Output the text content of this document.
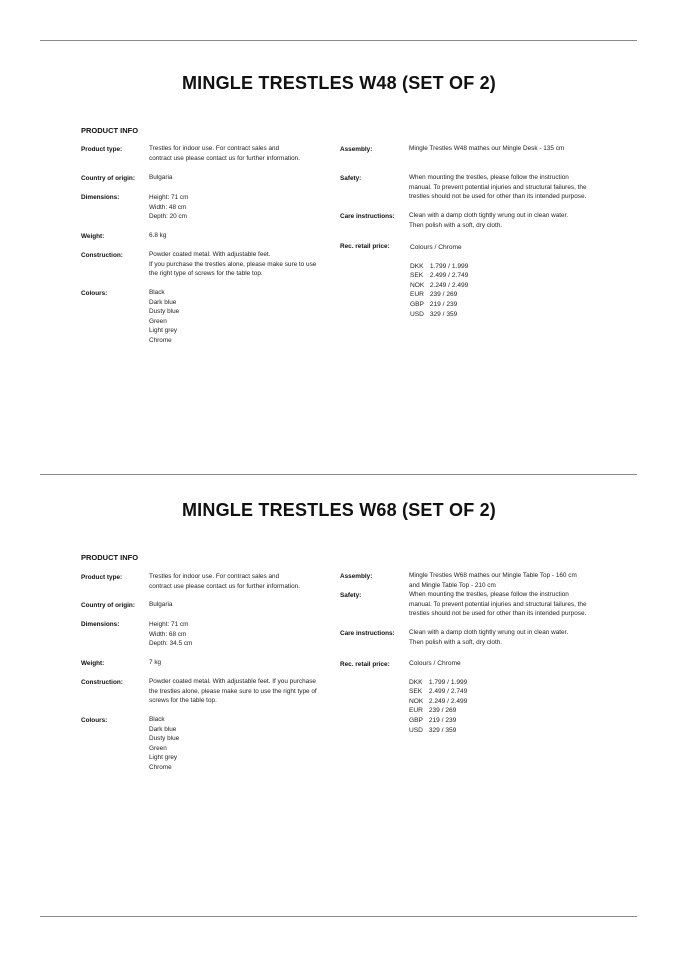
MINGLE TRESTLES W48 (SET OF 2)
PRODUCT INFO
Product type:	Trestles for indoor use. For contract sales and
contract use please contact us for further information.
Country of origin: Bulgaria
Dimensions:	Height: 71 cm
Width: 48 cm
Depth: 20 cm
Weight:	6.8 kg
Construction:	Powder coated metal. With adjustable feet.
If you purchase the trestles alone, please make sure to use
the right type of screws for the table top.
Colours:	Black
Dark blue
Dusty blue
Green
Light grey
Chrome
Assembly:	Mingle Trestles W48 mathes our Mingle Desk - 135 cm
Safety:	When mounting the trestles, please follow the instruction
manual. To prevent potential injuries and structural failures, the
trestles should not be used for other than its intended purpose.
Care instructions: Clean with a damp cloth tightly wrung out in clean water.
Then polish with a soft, dry cloth.
Rec. retail price:	Colours / Chrome
DKK 1.799 / 1.999
SEK 2.499 / 2.749
NOK 2.249 / 2.499
EUR 239 / 269
GBP 219 / 239
USD 329 / 359
MINGLE TRESTLES W68 (SET OF 2)
PRODUCT INFO
Product type:	Trestles for indoor use. For contract sales and
contract use please contact us for further information.
Country of origin: Bulgaria
Dimensions:	Height: 71 cm
Width: 68 cm
Depth: 34.5 cm
Weight:	7 kg
Construction:	Powder coated metal. With adjustable feet. If you purchase
the trestles alone, please make sure to use the right type of
screws for the table top.
Colours:	Black
Dark blue
Dusty blue
Green
Light grey
Chrome
Assembly:	Mingle Trestles W68 mathes our Mingle Table Top - 160 cm
and Mingle Table Top - 210 cm
Safety:	When mounting the trestles, please follow the instruction
manual. To prevent potential injuries and structural failures, the
trestles should not be used for other than its intended purpose.
Care instructions: Clean with a damp cloth tightly wrung out in clean water.
Then polish with a soft, dry cloth.
Rec. retail price:	Colours / Chrome
DKK 1.799 / 1.999
SEK 2.499 / 2.749
NOK 2.249 / 2.499
EUR 239 / 269
GBP 219 / 239
USD 329 / 359
